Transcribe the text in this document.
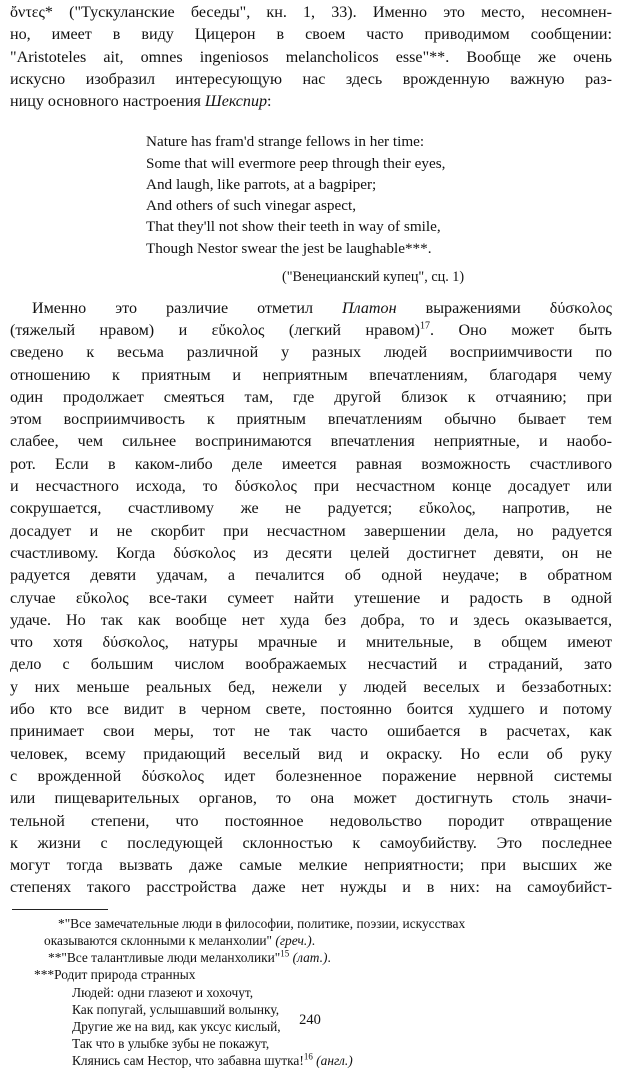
ὄντες* ("Тускуланские беседы", кн. 1, 33). Именно это место, несомнен-
но, имеет в виду Цицерон в своем часто приводимом сообщении:
"Aristoteles ait, omnes ingeniosos melancholicos esse"**. Вообще же очень
искусно изобразил интересующую нас здесь врожденную важную раз-
ницу основного настроения Шекспир:
Nature has fram'd strange fellows in her time:
Some that will evermore peep through their eyes,
And laugh, like parrots, at a bagpiper;
And others of such vinegar aspect,
That they'll not show their teeth in way of smile,
Though Nestor swear the jest be laughable***.
("Венецианский купец", сц. 1)
Именно это различие отметил Платон выражениями δύσκολος
(тяжелый нравом) и εὔκολος (легкий нравом)$^{17}$. Оно может быть
сведено к весьма различной у разных людей восприимчивости по
отношению к приятным и неприятным впечатлениям, благодаря чему
один продолжает смеяться там, где другой близок к отчаянию; при
этом восприимчивость к приятным впечатлениям обычно бывает тем
слабее, чем сильнее воспринимаются впечатления неприятные, и наобо-
рот. Если в каком-либо деле имеется равная возможность счастливого
и несчастного исхода, то δύσκολος при несчастном конце досадует или
сокрушается, счастливому же не радуется; εὔκολος, напротив, не
досадует и не скорбит при несчастном завершении дела, но радуется
счастливому. Когда δύσκολος из десяти целей достигнет девяти, он не
радуется девяти удачам, а печалится об одной неудаче; в обратном
случае εὔκολος все-таки сумеет найти утешение и радость в одной
удаче. Но так как вообще нет худа без добра, то и здесь оказывается,
что хотя δύσκολος, натуры мрачные и мнительные, в общем имеют
дело с большим числом воображаемых несчастий и страданий, зато
у них меньше реальных бед, нежели у людей веселых и беззаботных:
ибо кто все видит в черном свете, постоянно боится худшего и потому
принимает свои меры, тот не так часто ошибается в расчетах, как
человек, всему придающий веселый вид и окраску. Но если об руку
с врожденной δύσκολος идет болезненное поражение нервной системы
или пищеварительных органов, то она может достигнуть столь значи-
тельной степени, что постоянное недовольство породит отвращение
к жизни с последующей склонностью к самоубийству. Это последнее
могут тогда вызвать даже самые мелкие неприятности; при высших же
степенях такого расстройства даже нет нужды и в них: на самоубийст-
*"Все замечательные люди в философии, политике, поэзии, искусствах
оказываются склонными к меланхолии" (греч.).
**"Все талантливые люди меланхолики"$^{15}$ (лат.).
***Родит природа странных
Людей: одни глазеют и хохочут,
Как попугай, услышавший волынку,
Другие же на вид, как уксус кислый,
Так что в улыбке зубы не покажут,
Клянись сам Нестор, что забавна шутка!$^{16}$ (англ.)
240
